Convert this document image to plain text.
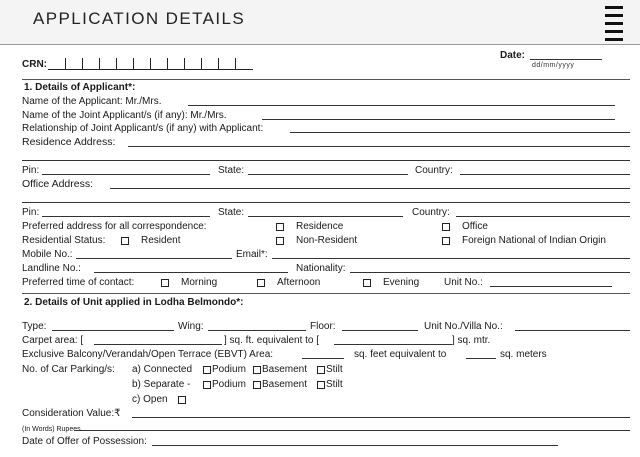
APPLICATION DETAILS
CRN:
Date:
dd/mm/yyyy
1. Details of Applicant*:
Name of the Applicant: Mr./Mrs.
Name of the Joint Applicant/s (if any): Mr./Mrs.
Relationship of Joint Applicant/s (if any) with Applicant:
Residence Address:
Pin:	State:	Country:
Office Address:
Pin:	State:	Country:
Preferred address for all correspondence:	Residence	Office
Residential Status:	Resident	Non-Resident	Foreign National of Indian Origin
Mobile No.:	Email*:
Landline No.:	Nationality:
Preferred time of contact:	Morning	Afternoon	Evening Unit No.:
2. Details of Unit applied in Lodha Belmondo*:
Type:	Wing:	Floor:	Unit No./Villa No.:
Carpet area: [	] sq. ft. equivalent to [	] sq. mtr.
Exclusive Balcony/Verandah/Open Terrace (EBVT) Area:	sq. feet equivalent to	sq. meters
No. of Car Parking/s: a) Connected Podium Basement Stilt
b) Separate - Podium Basement Stilt
c) Open
Consideration Value:₹
(In Words) Rupees
Date of Offer of Possession:
